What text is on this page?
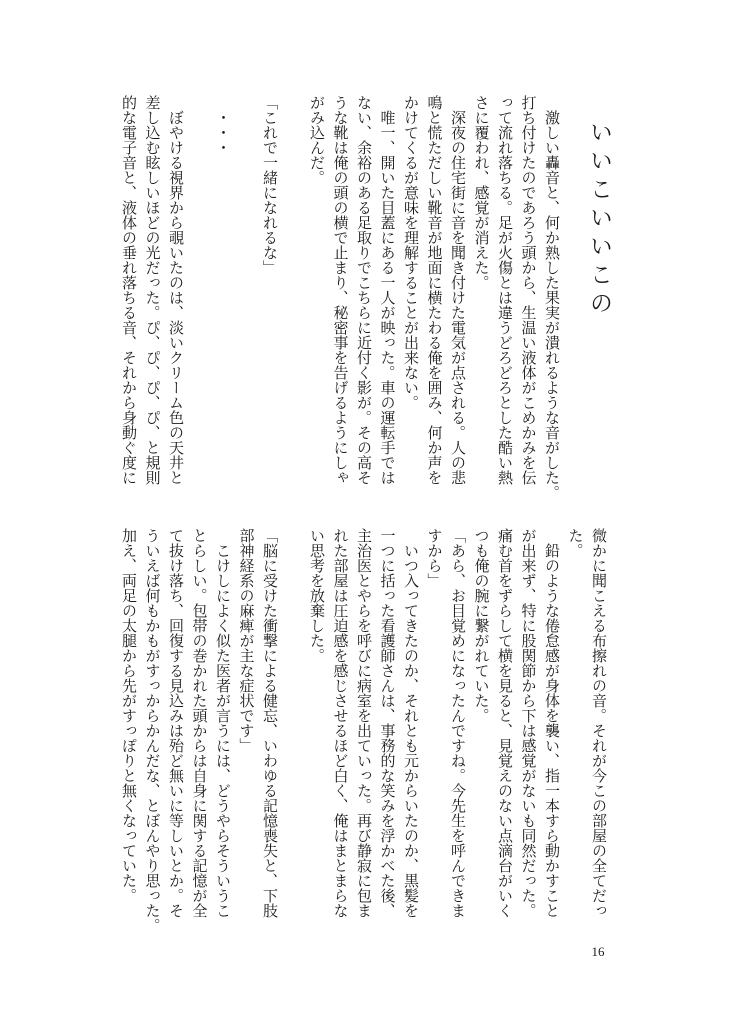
いいこいいこの
　激しい轟音と、何か熟した果実が潰れるような音がした。
打ち付けたのであろう頭から、生温い液体がこめかみを伝
って流れ落ちる。足が火傷とは違うどろどろとした酷い熱
さに覆われ、感覚が消えた。
　深夜の住宅街に音を聞き付けた電気が点される。人の悲
鳴と慌ただしい靴音が地面に横たわる俺を囲み、何か声を
かけてくるが意味を理解することが出来ない。
　唯一、開いた目蓋にある一人が映った。車の運転手では
ない、余裕のある足取りでこちらに近付く影が。その高そ
うな靴は俺の頭の横で止まり、秘密事を告げるようにしゃ
がみ込んだ。
「これで一緒になれるな」
　・・・
　ぼやける視界から覗いたのは、淡いクリーム色の天井と
差し込む眩しいほどの光だった。ぴ、ぴ、ぴ、ぴ、と規則
的な電子音と、液体の垂れ落ちる音、それから身動ぐ度に
微かに聞こえる布擦れの音。それが今この部屋の全てだっ
た。
　鉛のような倦怠感が身体を襲い、指一本すら動かすこと
が出来ず、特に股関節から下は感覚がないも同然だった。
痛む首をずらして横を見ると、見覚えのない点滴台がいく
つも俺の腕に繋がれていた。
「あら、お目覚めになったんですね。今先生を呼んできま
すから」
　いつ入ってきたのか、それとも元からいたのか、黒髪を
一つに括った看護師さんは、事務的な笑みを浮かべた後、
主治医とやらを呼びに病室を出ていった。再び静寂に包ま
れた部屋は圧迫感を感じさせるほど白く、俺はまとまらな
い思考を放棄した。
「脳に受けた衝撃による健忘、いわゆる記憶喪失と、下肢
部神経系の麻痺が主な症状です」
　こけしによく似た医者が言うには、どうやらそういうこ
とらしい。包帯の巻かれた頭からは自身に関する記憶が全
て抜け落ち、回復する見込みは殆ど無いに等しいとか。そ
ういえば何もかもがすっからかんだな、とぼんやり思った。
加え、両足の太腿から先がすっぽりと無くなっていた。
16
